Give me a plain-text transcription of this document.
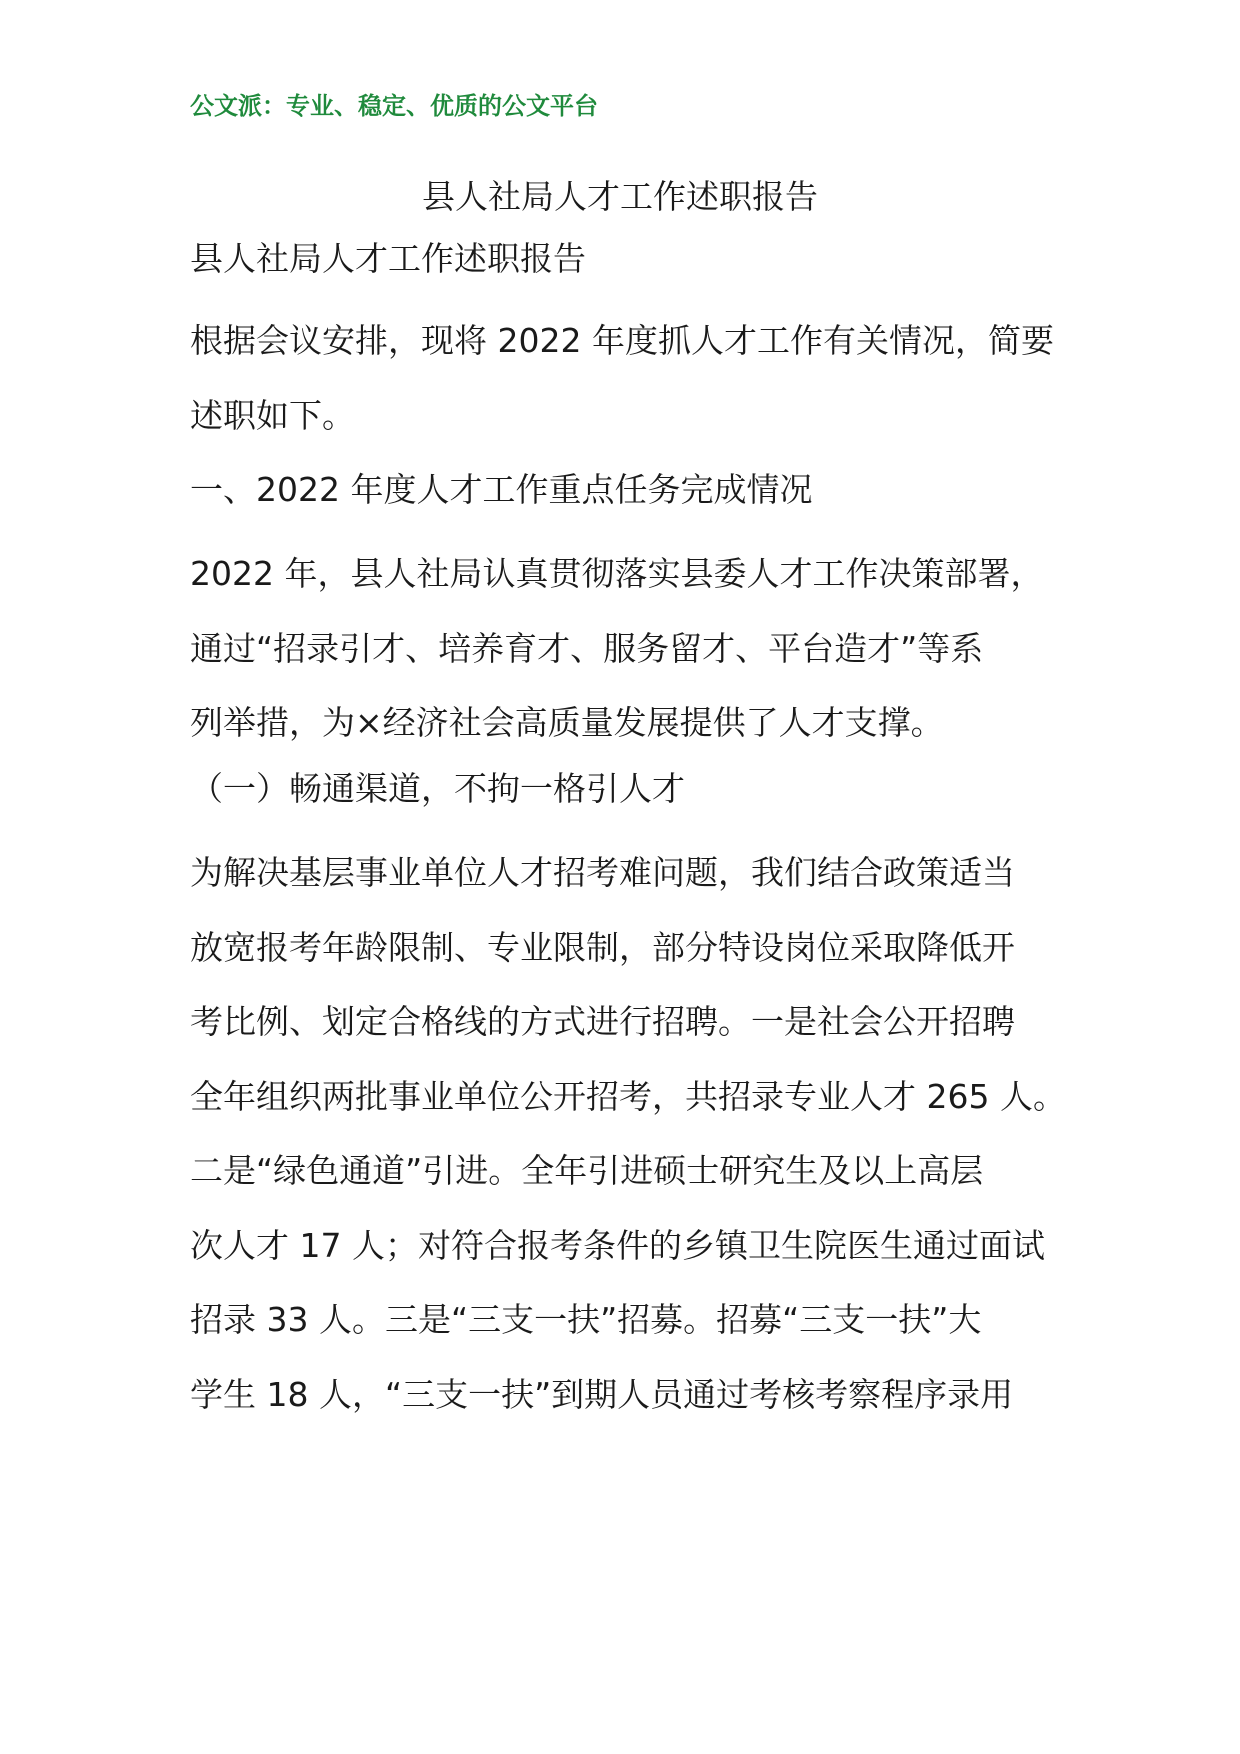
公文派：专业、稳定、优质的公文平台
县人社局人才工作述职报告

县人社局人才工作述职报告

根据会议安排，现将 2022 年度抓人才工作有关情况，简要
述职如下。

一、2022 年度人才工作重点任务完成情况

2022 年，县人社局认真贯彻落实县委人才工作决策部署，
通过“招录引才、培养育才、服务留才、平台造才”等系
列举措，为×经济社会高质量发展提供了人才支撑。

（一）畅通渠道，不拘一格引人才

为解决基层事业单位人才招考难问题，我们结合政策适当
放宽报考年龄限制、专业限制，部分特设岗位采取降低开
考比例、划定合格线的方式进行招聘。一是社会公开招聘
全年组织两批事业单位公开招考，共招录专业人才 265 人。
二是“绿色通道”引进。全年引进硕士研究生及以上高层
次人才 17 人；对符合报考条件的乡镇卫生院医生通过面试
招录 33 人。三是“三支一扶”招募。招募“三支一扶”大
学生 18 人，“三支一扶”到期人员通过考核考察程序录用
